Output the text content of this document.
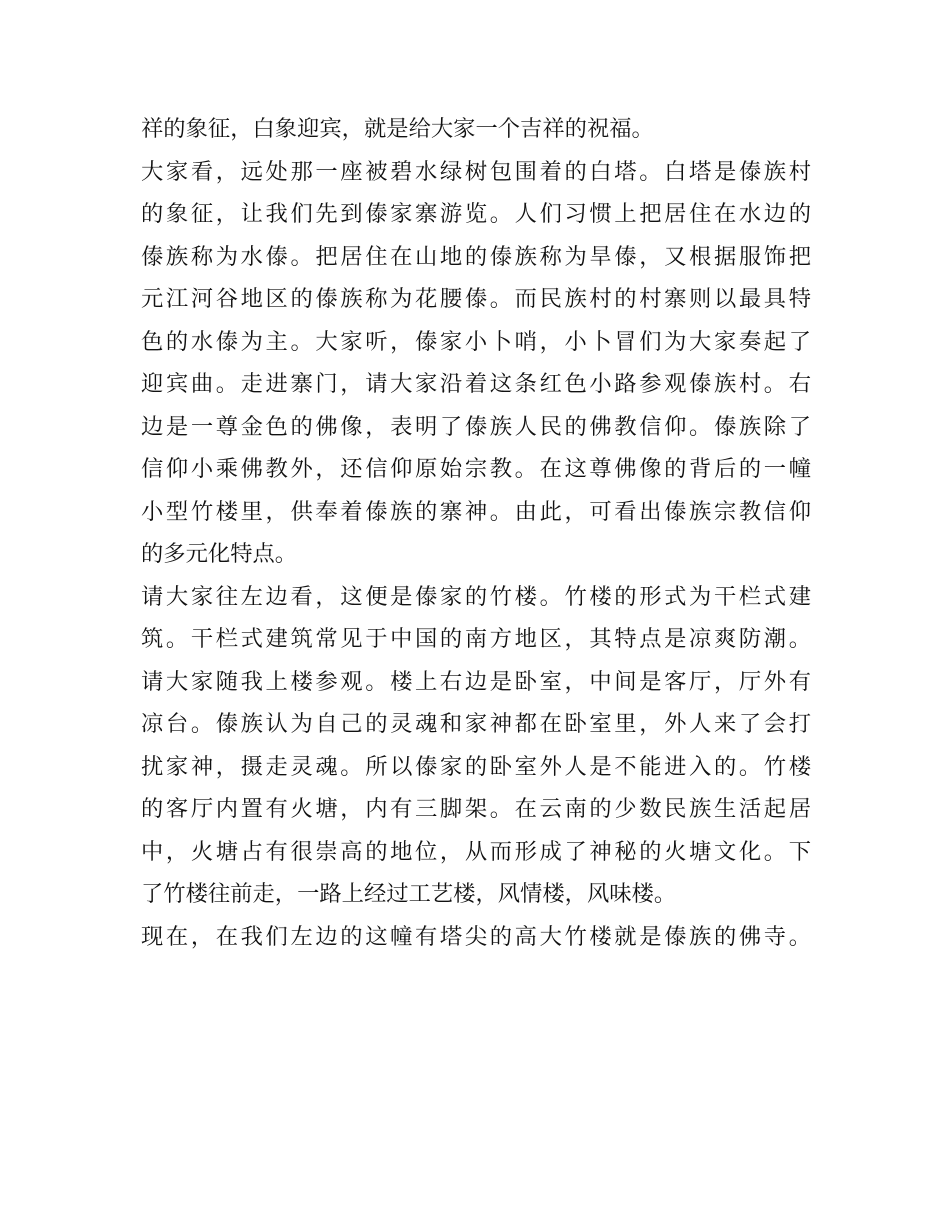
祥的象征，白象迎宾，就是给大家一个吉祥的祝福。
大家看，远处那一座被碧水绿树包围着的白塔。白塔是傣族村
的象征，让我们先到傣家寨游览。人们习惯上把居住在水边的
傣族称为水傣。把居住在山地的傣族称为旱傣，又根据服饰把
元江河谷地区的傣族称为花腰傣。而民族村的村寨则以最具特
色的水傣为主。大家听，傣家小卜哨，小卜冒们为大家奏起了
迎宾曲。走进寨门，请大家沿着这条红色小路参观傣族村。右
边是一尊金色的佛像，表明了傣族人民的佛教信仰。傣族除了
信仰小乘佛教外，还信仰原始宗教。在这尊佛像的背后的一幢
小型竹楼里，供奉着傣族的寨神。由此，可看出傣族宗教信仰
的多元化特点。
请大家往左边看，这便是傣家的竹楼。竹楼的形式为干栏式建
筑。干栏式建筑常见于中国的南方地区，其特点是凉爽防潮。
请大家随我上楼参观。楼上右边是卧室，中间是客厅，厅外有
凉台。傣族认为自己的灵魂和家神都在卧室里，外人来了会打
扰家神，摄走灵魂。所以傣家的卧室外人是不能进入的。竹楼
的客厅内置有火塘，内有三脚架。在云南的少数民族生活起居
中，火塘占有很崇高的地位，从而形成了神秘的火塘文化。下
了竹楼往前走，一路上经过工艺楼，风情楼，风味楼。
现在，在我们左边的这幢有塔尖的高大竹楼就是傣族的佛寺。
